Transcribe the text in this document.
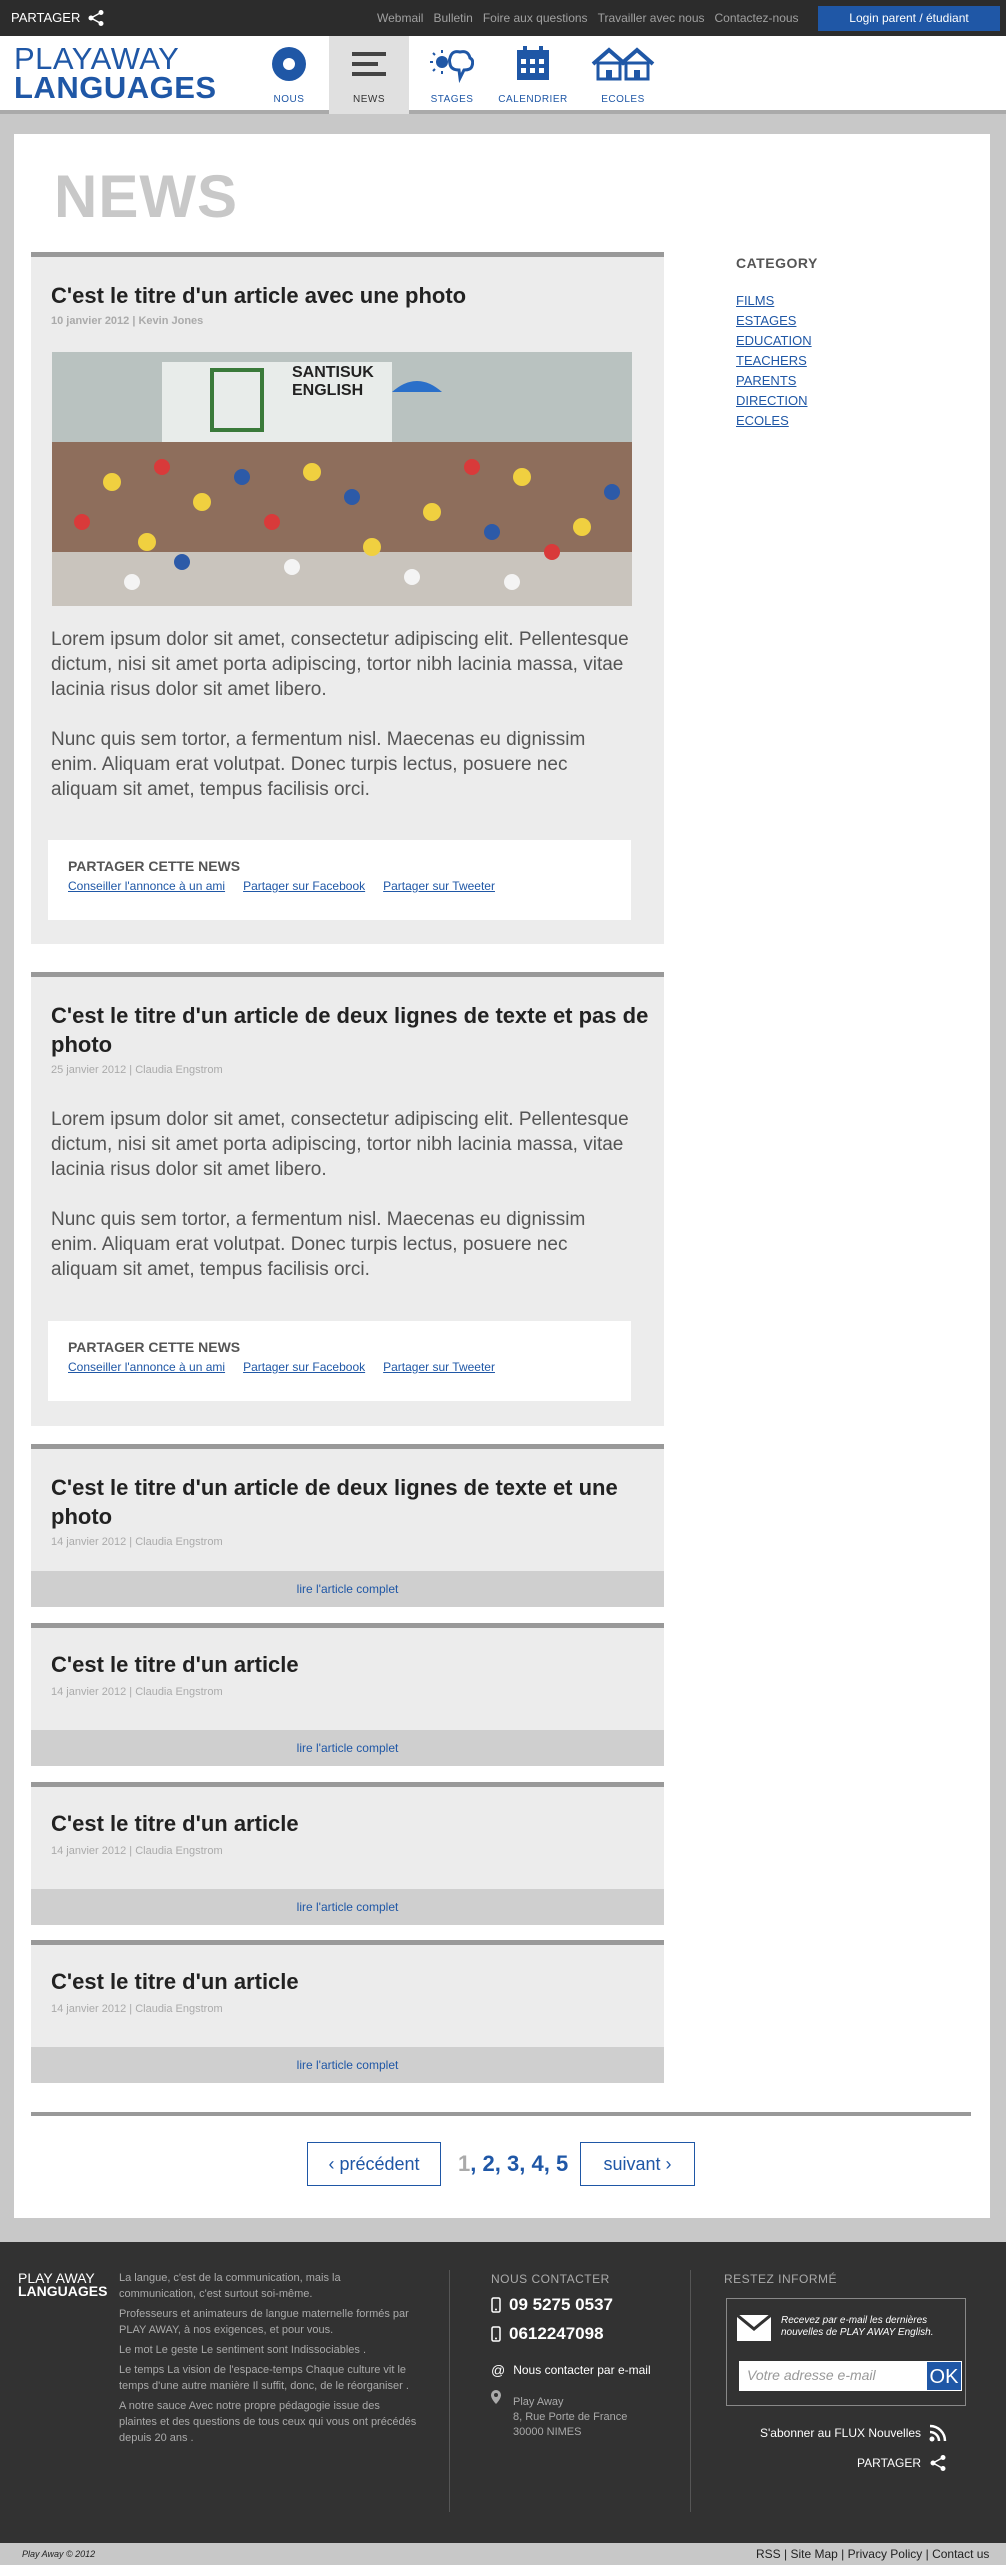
PARTAGER	Webmail Bulletin Foire aux questions Travailler avec nous Contactez-nous	Login parent / étudiant
PLAYAWAY
LANGUAGES	NOUS	NEWS	STAGES	CALENDRIER	ECOLES
NEWS
C'est le titre d'un article avec une photo
10 janvier 2012 | Kevin Jones
SANTISUK ENGLISH
Lorem ipsum dolor sit amet, consectetur adipiscing elit. Pellentesque dictum, nisi sit amet porta adipiscing, tortor nibh lacinia massa, vitae lacinia risus dolor sit amet libero.
Nunc quis sem tortor, a fermentum nisl. Maecenas eu dignissim enim. Aliquam erat volutpat. Donec turpis lectus, posuere nec aliquam sit amet, tempus facilisis orci.
PARTAGER CETTE NEWS
Conseiller l'annonce à un ami Partager sur Facebook Partager sur Tweeter
C'est le titre d'un article de deux lignes de texte et pas de photo
25 janvier 2012 | Claudia Engstrom
Lorem ipsum dolor sit amet, consectetur adipiscing elit. Pellentesque dictum, nisi sit amet porta adipiscing, tortor nibh lacinia massa, vitae lacinia risus dolor sit amet libero.
Nunc quis sem tortor, a fermentum nisl. Maecenas eu dignissim enim. Aliquam erat volutpat. Donec turpis lectus, posuere nec aliquam sit amet, tempus facilisis orci.
PARTAGER CETTE NEWS
Conseiller l'annonce à un ami Partager sur Facebook Partager sur Tweeter
C'est le titre d'un article de deux lignes de texte et une photo
14 janvier 2012 | Claudia Engstrom
lire l'article complet
C'est le titre d'un article
14 janvier 2012 | Claudia Engstrom
lire l'article complet
C'est le titre d'un article
14 janvier 2012 | Claudia Engstrom
lire l'article complet
C'est le titre d'un article
14 janvier 2012 | Claudia Engstrom
lire l'article complet
CATEGORY
FILMS
ESTAGES
EDUCATION
TEACHERS
PARENTS
DIRECTION
ECOLES
‹ précédent	1, 2, 3, 4, 5	suivant ›
PLAY AWAY
LANGUAGES

La langue, c'est de la communication, mais la communication, c'est surtout soi-même.

Professeurs et animateurs de langue maternelle formés par PLAY AWAY, à nos exigences, et pour vous.

Le mot Le geste Le sentiment sont Indissociables .

Le temps La vision de l'espace-temps Chaque culture vit le temps d'une autre manière Il suffit, donc, de le réorganiser .

A notre sauce Avec notre propre pédagogie issue des plaintes et des questions de tous ceux qui vous ont précédés depuis 20 ans .

NOUS CONTACTER
09 5275 0537
0612247098
@ Nous contacter par e-mail
Play Away
8, Rue Porte de France
30000 NIMES
RESTEZ INFORMÉ
Recevez par e-mail les dernières nouvelles de PLAY AWAY English.
Votre adresse e-mail	OK
S'abonner au FLUX Nouvelles
PARTAGER
Play Away © 2012	RSS | Site Map | Privacy Policy | Contact us
